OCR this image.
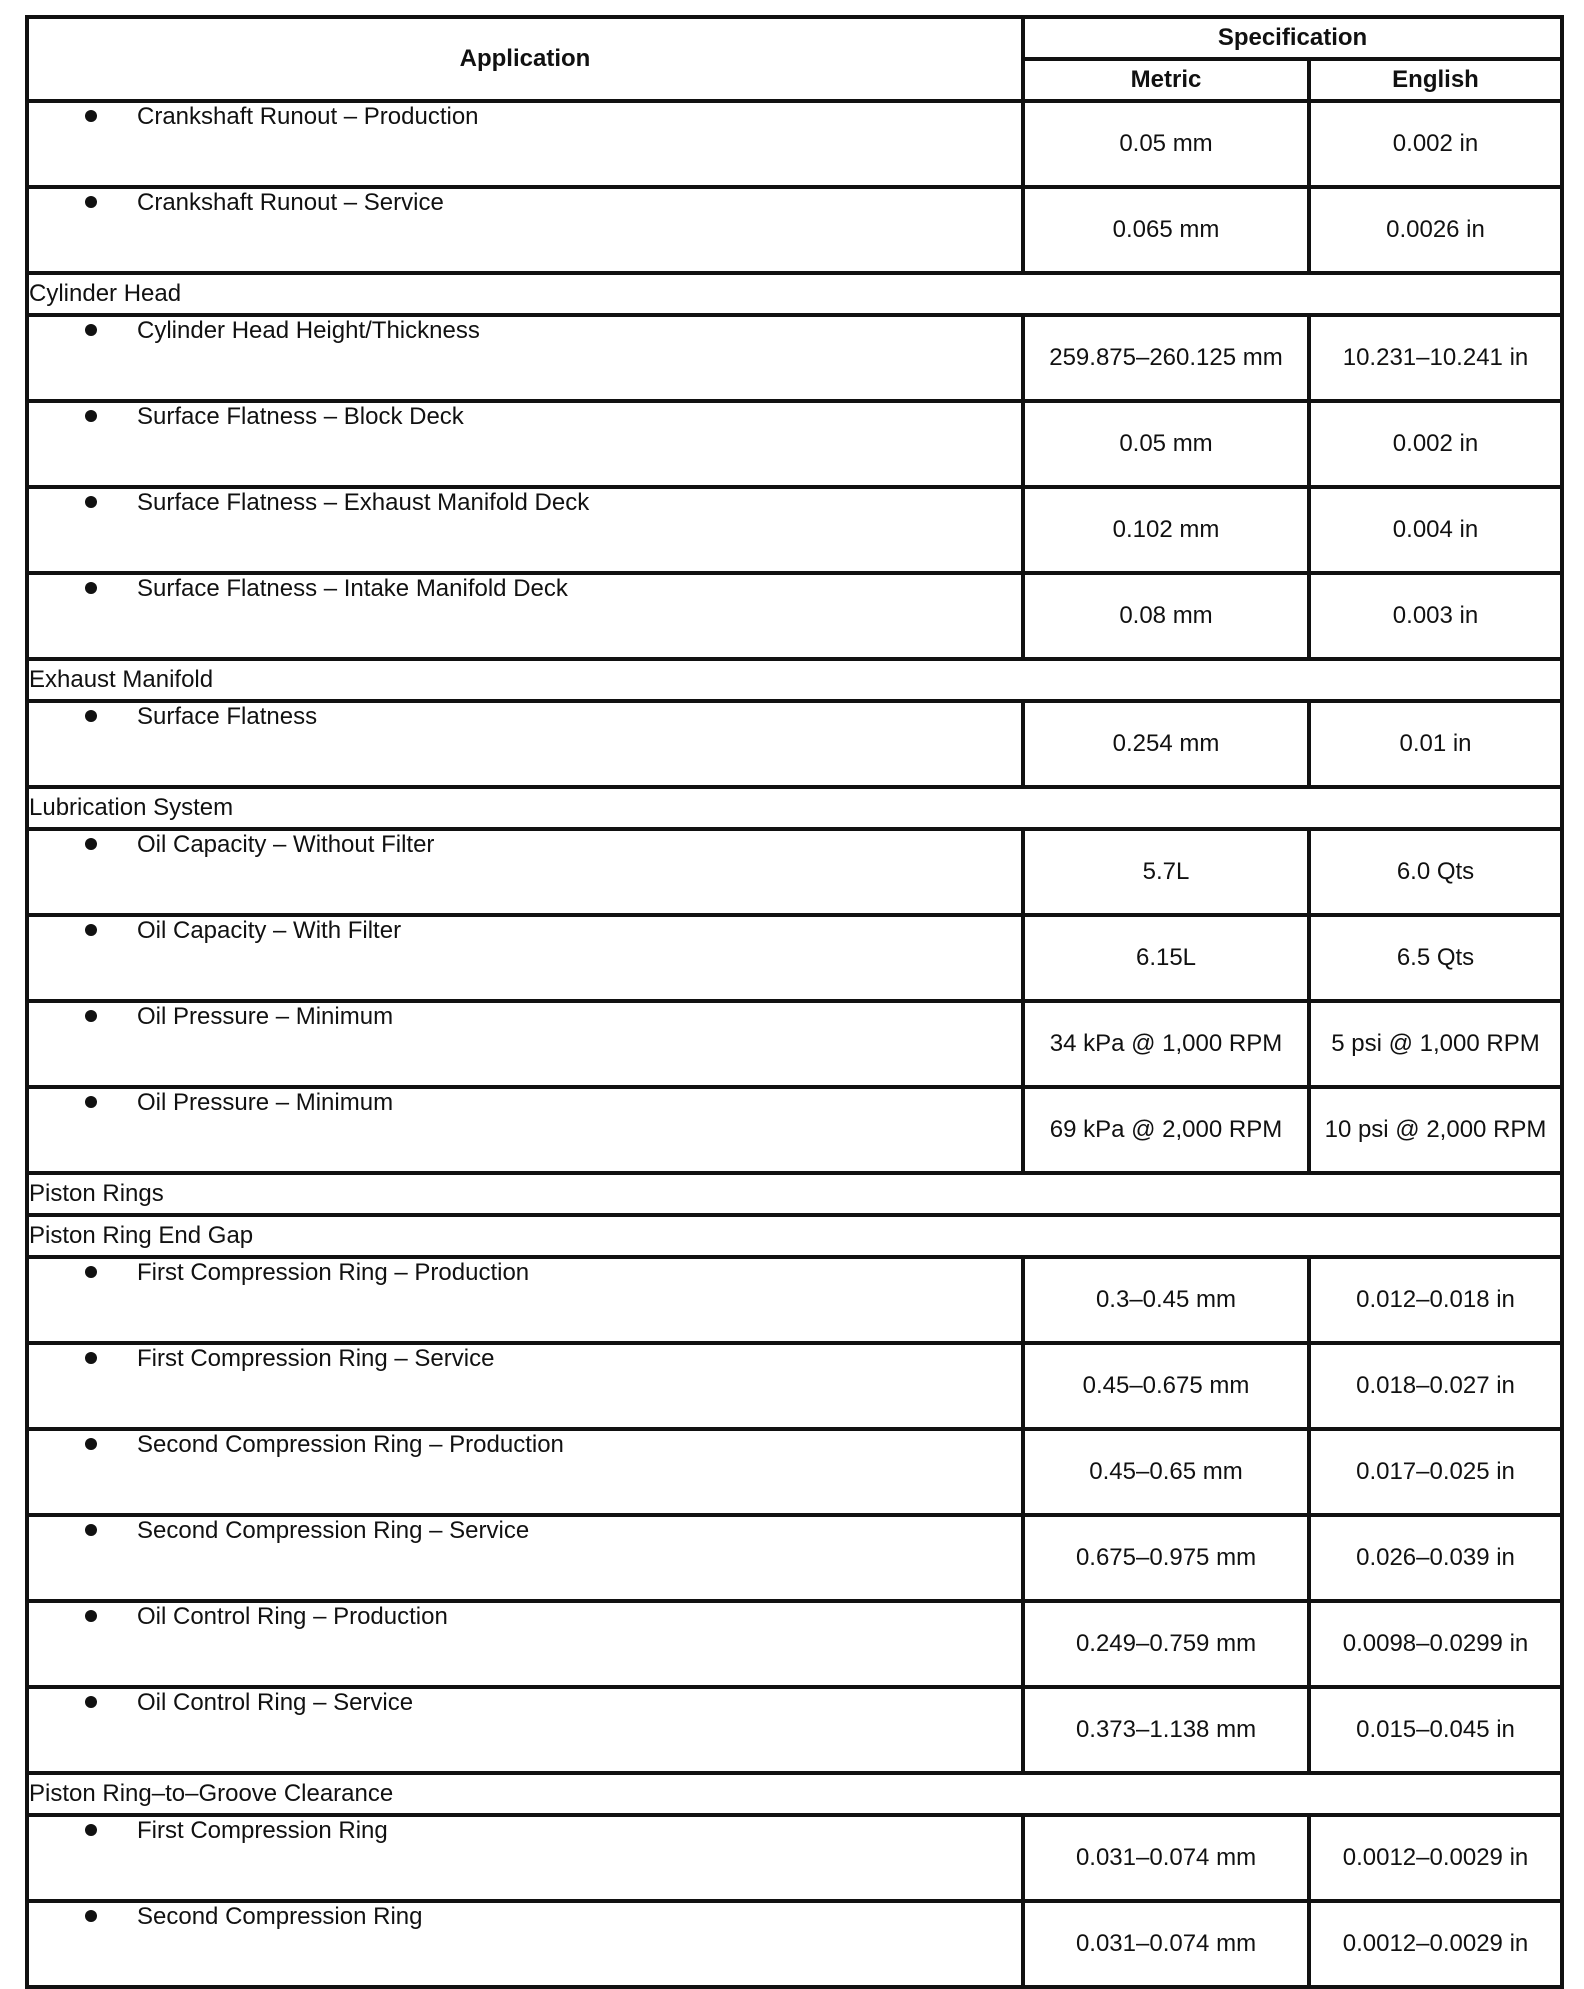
Application	Specification	
	Metric	English
Crankshaft Runout – Production	0.05 mm	0.002 in
Crankshaft Runout – Service	0.065 mm	0.0026 in
Cylinder Head		
Cylinder Head Height/Thickness	259.875–260.125 mm	10.231–10.241 in
Surface Flatness – Block Deck	0.05 mm	0.002 in
Surface Flatness – Exhaust Manifold Deck	0.102 mm	0.004 in
Surface Flatness – Intake Manifold Deck	0.08 mm	0.003 in
Exhaust Manifold		
Surface Flatness	0.254 mm	0.01 in
Lubrication System		
Oil Capacity – Without Filter	5.7L	6.0 Qts
Oil Capacity – With Filter	6.15L	6.5 Qts
Oil Pressure – Minimum	34 kPa @ 1,000 RPM	5 psi @ 1,000 RPM
Oil Pressure – Minimum	69 kPa @ 2,000 RPM	10 psi @ 2,000 RPM
Piston Rings		
Piston Ring End Gap		
First Compression Ring – Production	0.3–0.45 mm	0.012–0.018 in
First Compression Ring – Service	0.45–0.675 mm	0.018–0.027 in
Second Compression Ring – Production	0.45–0.65 mm	0.017–0.025 in
Second Compression Ring – Service	0.675–0.975 mm	0.026–0.039 in
Oil Control Ring – Production	0.249–0.759 mm	0.0098–0.0299 in
Oil Control Ring – Service	0.373–1.138 mm	0.015–0.045 in
Piston Ring–to–Groove Clearance		
First Compression Ring	0.031–0.074 mm	0.0012–0.0029 in
Second Compression Ring	0.031–0.074 mm	0.0012–0.0029 in
